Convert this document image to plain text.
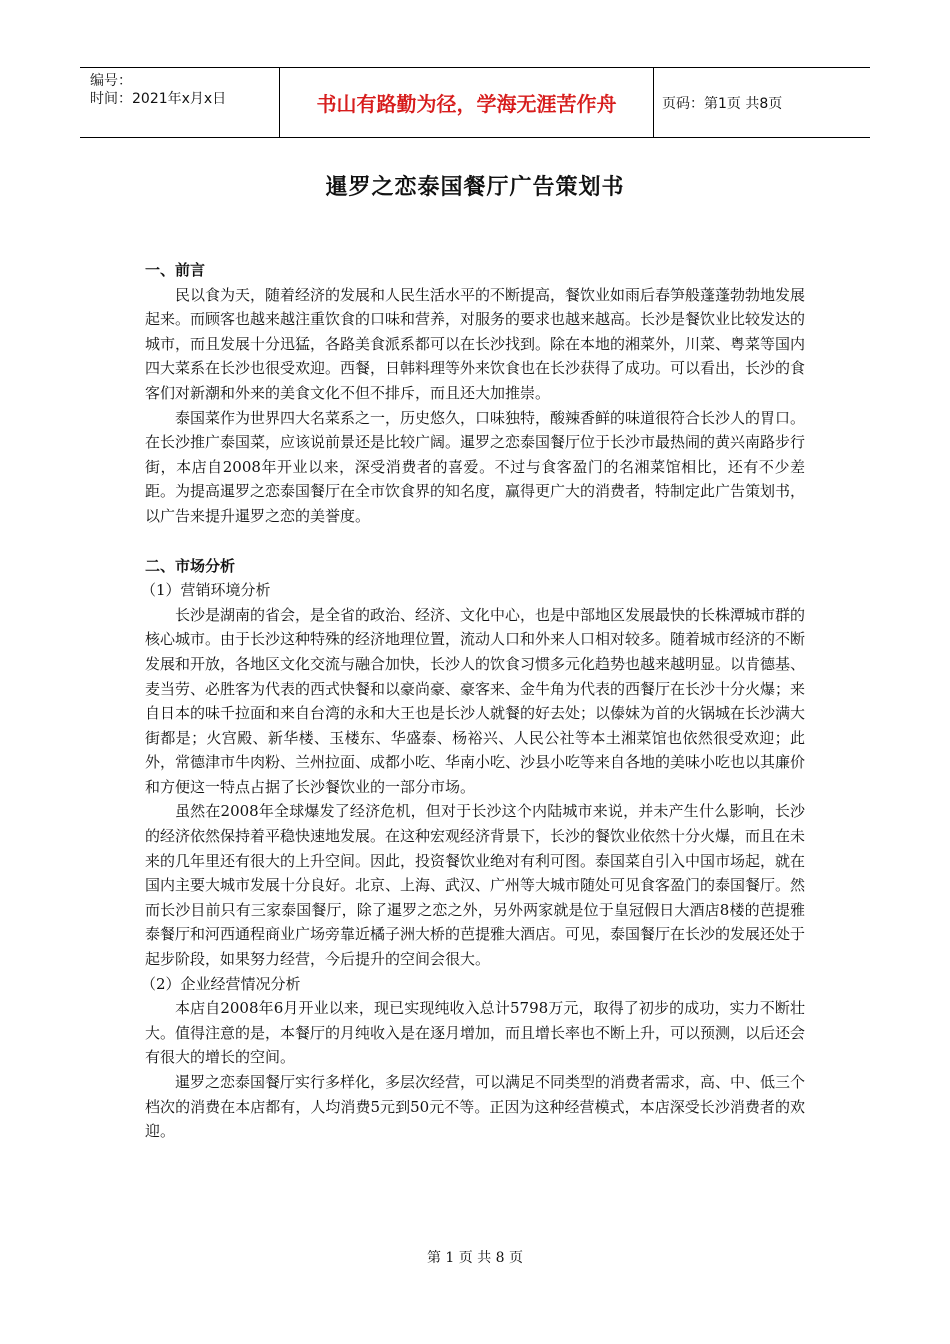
编号：
时间：2021年x月x日	书山有路勤为径，学海无涯苦作舟	页码：第1页 共8页
暹罗之恋泰国餐厅广告策划书

一、前言

民以食为天，随着经济的发展和人民生活水平的不断提高，餐饮业如雨后春笋般蓬蓬勃勃地发展起来。而顾客也越来越注重饮食的口味和营养，对服务的要求也越来越高。长沙是餐饮业比较发达的城市，而且发展十分迅猛，各路美食派系都可以在长沙找到。除在本地的湘菜外，川菜、粤菜等国内四大菜系在长沙也很受欢迎。西餐，日韩料理等外来饮食也在长沙获得了成功。可以看出，长沙的食客们对新潮和外来的美食文化不但不排斥，而且还大加推崇。

泰国菜作为世界四大名菜系之一，历史悠久，口味独特，酸辣香鲜的味道很符合长沙人的胃口。在长沙推广泰国菜，应该说前景还是比较广阔。暹罗之恋泰国餐厅位于长沙市最热闹的黄兴南路步行街，本店自2008年开业以来，深受消费者的喜爱。不过与食客盈门的名湘菜馆相比，还有不少差距。为提高暹罗之恋泰国餐厅在全市饮食界的知名度，赢得更广大的消费者，特制定此广告策划书，以广告来提升暹罗之恋的美誉度。

二、市场分析

（1）营销环境分析

长沙是湖南的省会，是全省的政治、经济、文化中心，也是中部地区发展最快的长株潭城市群的核心城市。由于长沙这种特殊的经济地理位置，流动人口和外来人口相对较多。随着城市经济的不断发展和开放，各地区文化交流与融合加快，长沙人的饮食习惯多元化趋势也越来越明显。以肯德基、麦当劳、必胜客为代表的西式快餐和以豪尚豪、豪客来、金牛角为代表的西餐厅在长沙十分火爆；来自日本的味千拉面和来自台湾的永和大王也是长沙人就餐的好去处；以傣妹为首的火锅城在长沙满大街都是；火宫殿、新华楼、玉楼东、华盛泰、杨裕兴、人民公社等本土湘菜馆也依然很受欢迎；此外，常德津市牛肉粉、兰州拉面、成都小吃、华南小吃、沙县小吃等来自各地的美味小吃也以其廉价和方便这一特点占据了长沙餐饮业的一部分市场。

虽然在2008年全球爆发了经济危机，但对于长沙这个内陆城市来说，并未产生什么影响，长沙的经济依然保持着平稳快速地发展。在这种宏观经济背景下，长沙的餐饮业依然十分火爆，而且在未来的几年里还有很大的上升空间。因此，投资餐饮业绝对有利可图。泰国菜自引入中国市场起，就在国内主要大城市发展十分良好。北京、上海、武汉、广州等大城市随处可见食客盈门的泰国餐厅。然而长沙目前只有三家泰国餐厅，除了暹罗之恋之外，另外两家就是位于皇冠假日大酒店8楼的芭提雅泰餐厅和河西通程商业广场旁靠近橘子洲大桥的芭提雅大酒店。可见，泰国餐厅在长沙的发展还处于起步阶段，如果努力经营，今后提升的空间会很大。

（2）企业经营情况分析

本店自2008年6月开业以来，现已实现纯收入总计5798万元，取得了初步的成功，实力不断壮大。值得注意的是，本餐厅的月纯收入是在逐月增加，而且增长率也不断上升，可以预测，以后还会有很大的增长的空间。

暹罗之恋泰国餐厅实行多样化，多层次经营，可以满足不同类型的消费者需求，高、中、低三个档次的消费在本店都有，人均消费5元到50元不等。正因为这种经营模式，本店深受长沙消费者的欢迎。

第 1 页 共 8 页
